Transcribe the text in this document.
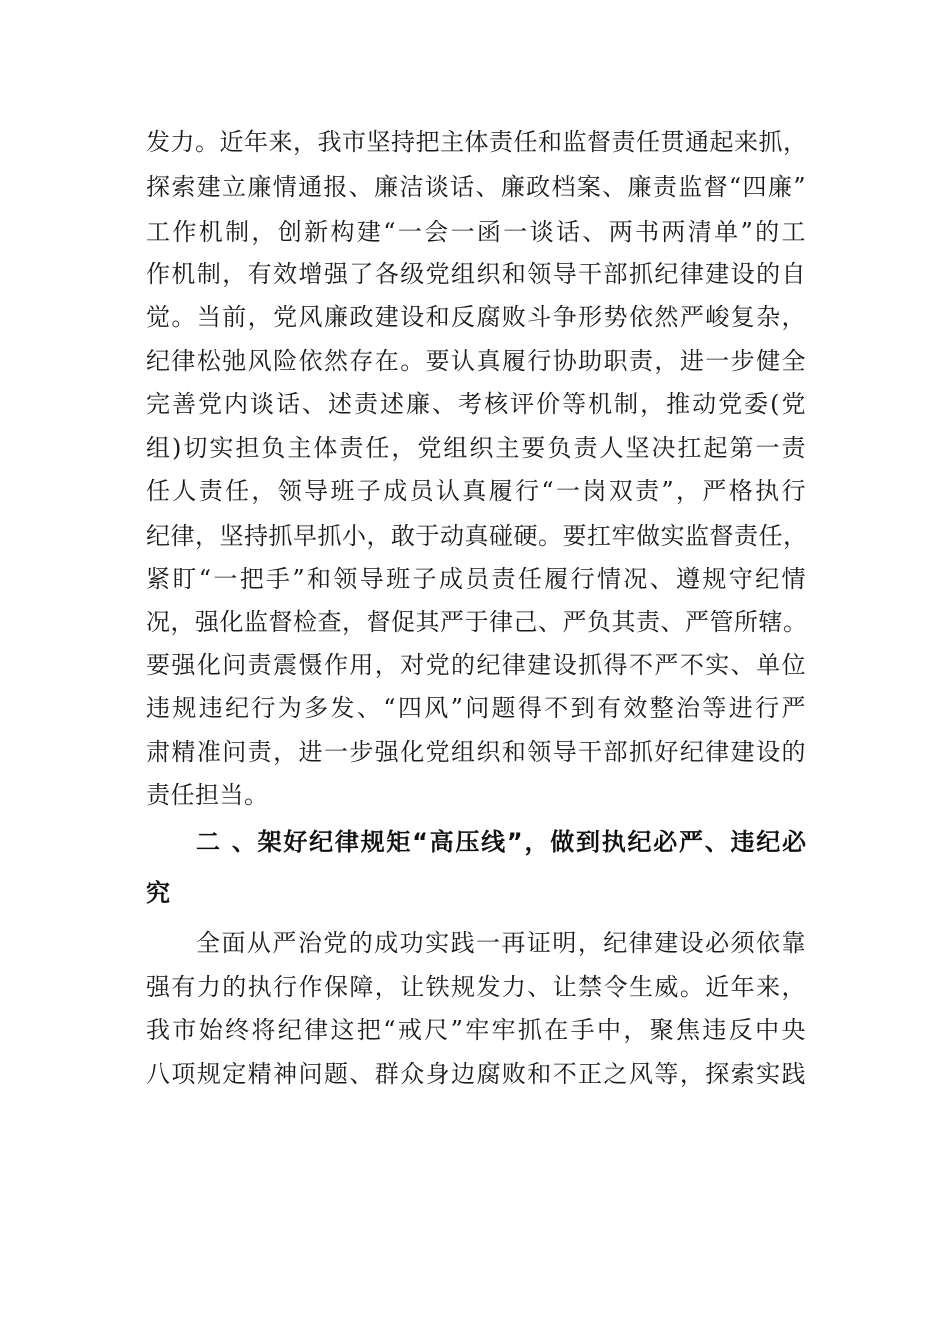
发力。近年来，我市坚持把主体责任和监督责任贯通起来抓，
探索建立廉情通报、廉洁谈话、廉政档案、廉责监督“四廉”
工作机制，创新构建“一会一函一谈话、两书两清单”的工
作机制，有效增强了各级党组织和领导干部抓纪律建设的自
觉。当前，党风廉政建设和反腐败斗争形势依然严峻复杂，
纪律松弛风险依然存在。要认真履行协助职责，进一步健全
完善党内谈话、述责述廉、考核评价等机制，推动党委(党
组)切实担负主体责任，党组织主要负责人坚决扛起第一责
任人责任，领导班子成员认真履行“一岗双责”，严格执行
纪律，坚持抓早抓小，敢于动真碰硬。要扛牢做实监督责任，
紧盯“一把手”和领导班子成员责任履行情况、遵规守纪情
况，强化监督检查，督促其严于律己、严负其责、严管所辖。
要强化问责震慑作用，对党的纪律建设抓得不严不实、单位
违规违纪行为多发、“四风”问题得不到有效整治等进行严
肃精准问责，进一步强化党组织和领导干部抓好纪律建设的
责任担当。
二 、架好纪律规矩“高压线”，做到执纪必严、违纪必
究
全面从严治党的成功实践一再证明，纪律建设必须依靠
强有力的执行作保障，让铁规发力、让禁令生威。近年来，
我市始终将纪律这把“戒尺”牢牢抓在手中，聚焦违反中央
八项规定精神问题、群众身边腐败和不正之风等，探索实践
